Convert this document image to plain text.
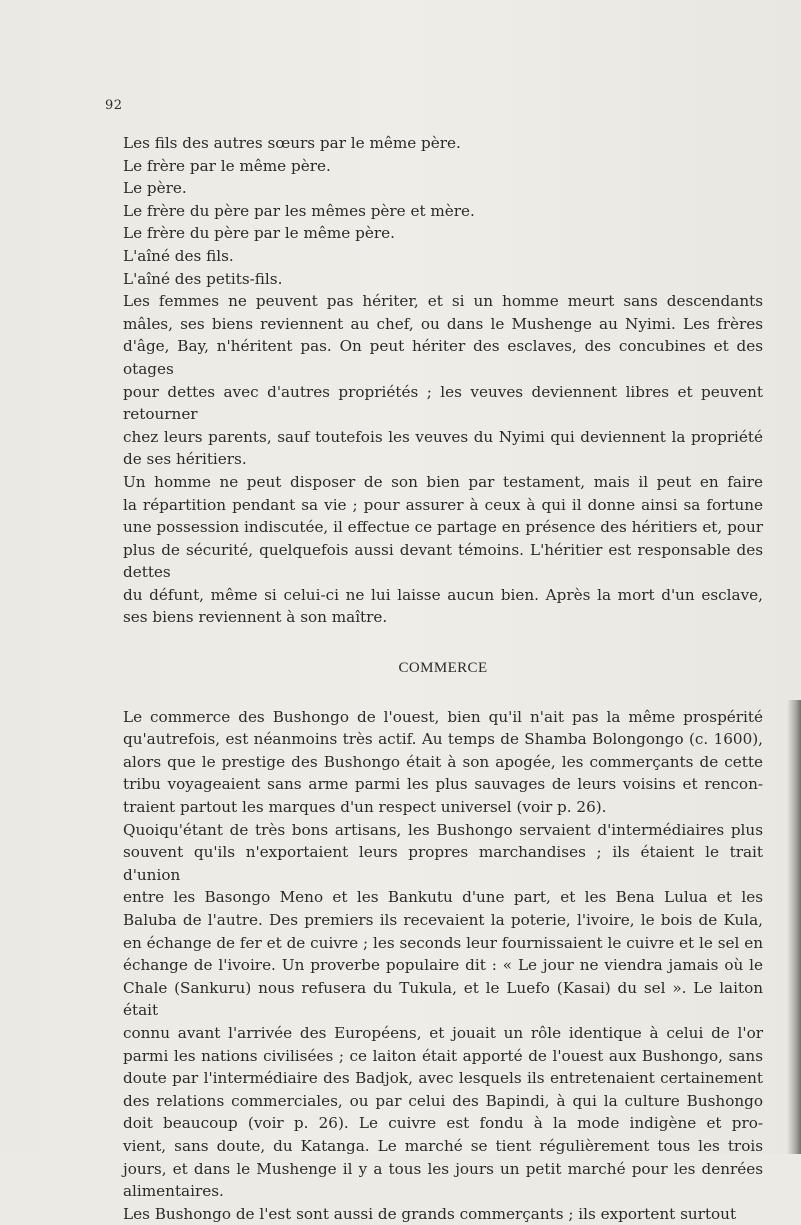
92
Les fils des autres sœurs par le même père.
Le frère par le même père.
Le père.
Le frère du père par les mêmes père et mère.
Le frère du père par le même père.
L'aîné des fils.
L'aîné des petits-fils.
Les femmes ne peuvent pas hériter, et si un homme meurt sans descendants
mâles, ses biens reviennent au chef, ou dans le Mushenge au Nyimi. Les frères
d'âge, Bay, n'héritent pas. On peut hériter des esclaves, des concubines et des otages
pour dettes avec d'autres propriétés ; les veuves deviennent libres et peuvent retourner
chez leurs parents, sauf toutefois les veuves du Nyimi qui deviennent la propriété
de ses héritiers.
Un homme ne peut disposer de son bien par testament, mais il peut en faire
la répartition pendant sa vie ; pour assurer à ceux à qui il donne ainsi sa fortune
une possession indiscutée, il effectue ce partage en présence des héritiers et, pour
plus de sécurité, quelquefois aussi devant témoins. L'héritier est responsable des dettes
du défunt, même si celui-ci ne lui laisse aucun bien. Après la mort d'un esclave,
ses biens reviennent à son maître.
COMMERCE
Le commerce des Bushongo de l'ouest, bien qu'il n'ait pas la même prospérité
qu'autrefois, est néanmoins très actif. Au temps de Shamba Bolongongo (c. 1600),
alors que le prestige des Bushongo était à son apogée, les commerçants de cette
tribu voyageaient sans arme parmi les plus sauvages de leurs voisins et rencon-
traient partout les marques d'un respect universel (voir p. 26).
Quoiqu'étant de très bons artisans, les Bushongo servaient d'intermédiaires plus
souvent qu'ils n'exportaient leurs propres marchandises ; ils étaient le trait d'union
entre les Basongo Meno et les Bankutu d'une part, et les Bena Lulua et les
Baluba de l'autre. Des premiers ils recevaient la poterie, l'ivoire, le bois de Kula,
en échange de fer et de cuivre ; les seconds leur fournissaient le cuivre et le sel en
échange de l'ivoire. Un proverbe populaire dit : « Le jour ne viendra jamais où le
Chale (Sankuru) nous refusera du Tukula, et le Luefo (Kasai) du sel ». Le laiton était
connu avant l'arrivée des Européens, et jouait un rôle identique à celui de l'or
parmi les nations civilisées ; ce laiton était apporté de l'ouest aux Bushongo, sans
doute par l'intermédiaire des Badjok, avec lesquels ils entretenaient certainement
des relations commerciales, ou par celui des Bapindi, à qui la culture Bushongo
doit beaucoup (voir p. 26). Le cuivre est fondu à la mode indigène et pro-
vient, sans doute, du Katanga. Le marché se tient régulièrement tous les trois
jours, et dans le Mushenge il y a tous les jours un petit marché pour les denrées
alimentaires.
Les Bushongo de l'est sont aussi de grands commerçants ; ils exportent surtout
